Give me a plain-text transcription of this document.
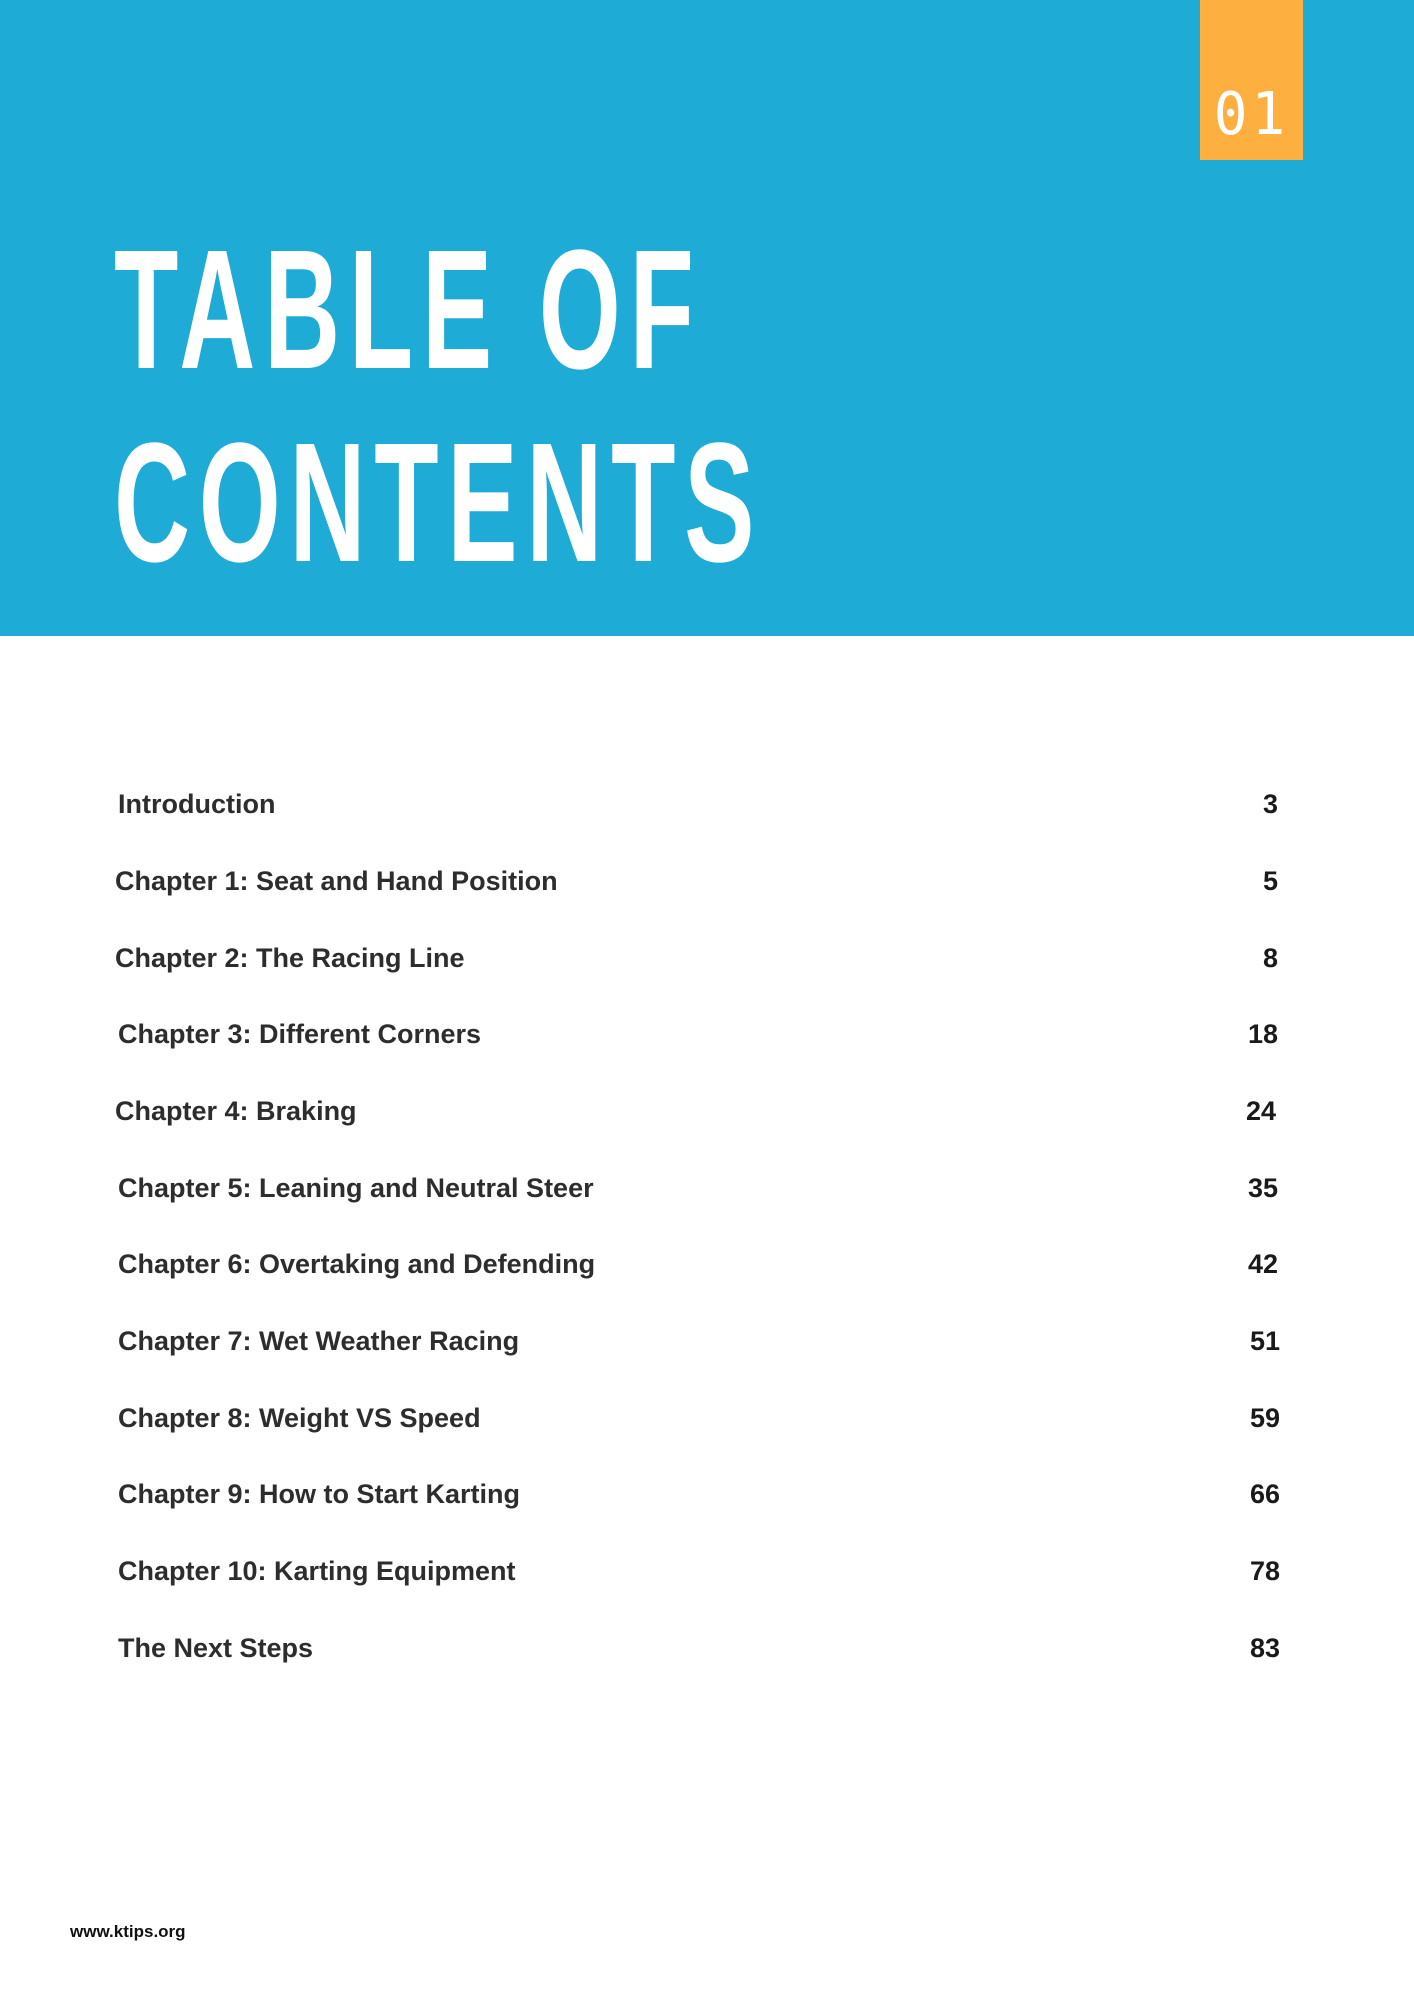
01
TABLE OF
CONTENTS
Introduction	3
Chapter 1: Seat and Hand Position	5
Chapter 2: The Racing Line	8
Chapter 3: Different Corners	18
Chapter 4: Braking	24
Chapter 5: Leaning and Neutral Steer	35
Chapter 6: Overtaking and Defending	42
Chapter 7: Wet Weather Racing	51
Chapter 8: Weight VS Speed	59
Chapter 9: How to Start Karting	66
Chapter 10: Karting Equipment	78
The Next Steps	83
www.ktips.org
